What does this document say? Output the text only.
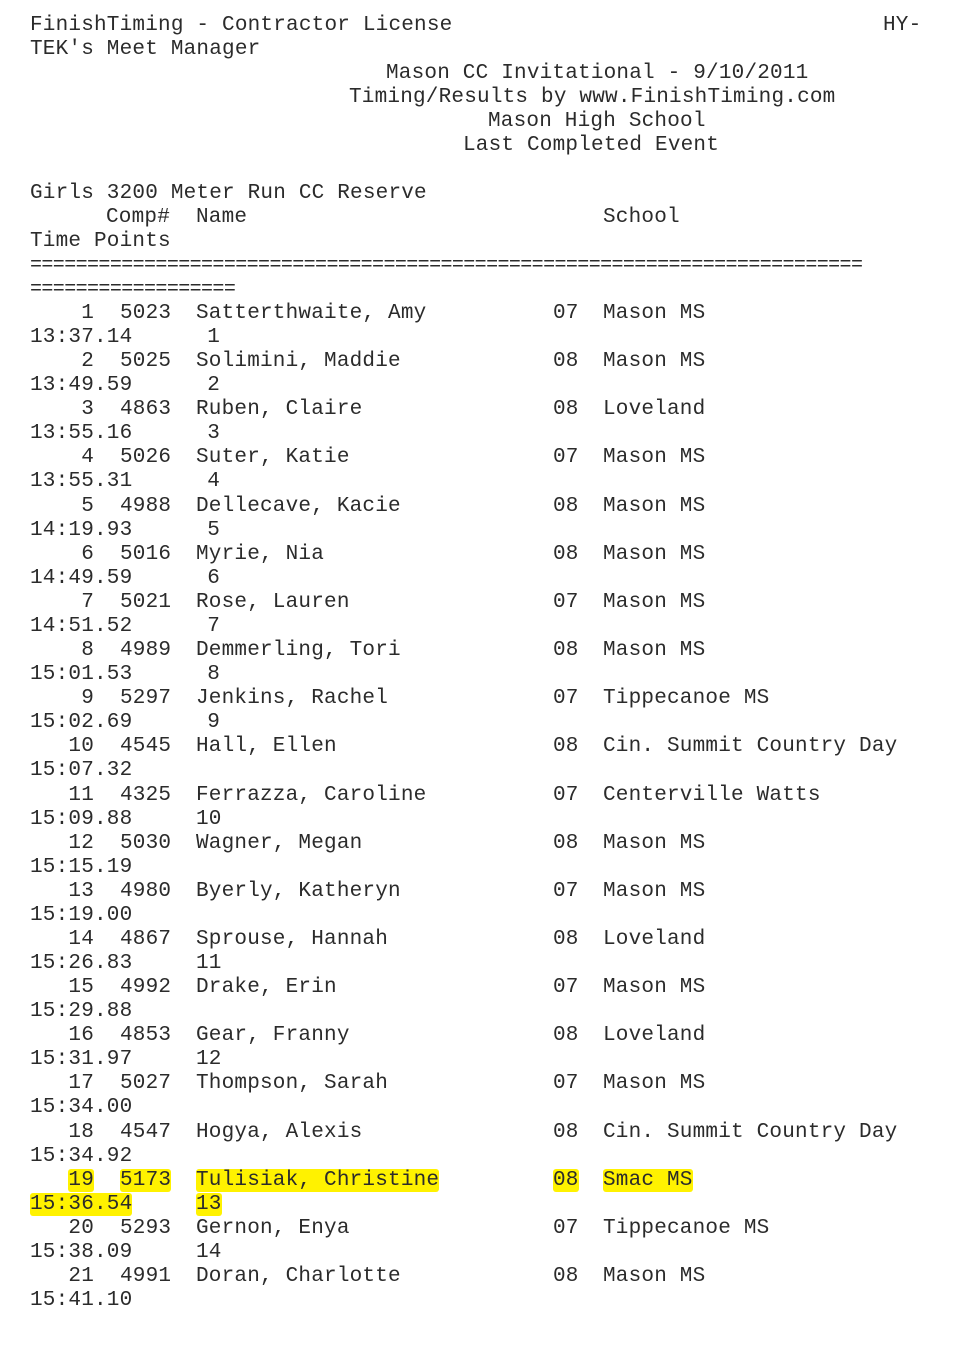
FinishTiming - Contractor License	HY-
TEK's Meet Manager
Mason CC Invitational - 9/10/2011
Timing/Results by www.FinishTiming.com
Mason High School
Last Completed Event
Girls 3200 Meter Run CC Reserve
Comp# Name	School
Time Points
=========================================================================
==================
1 5023 Satterthwaite, Amy	07 Mason MS
13:37.14	1
2 5025 Solimini, Maddie	08 Mason MS
13:49.59	2
3 4863 Ruben, Claire	08 Loveland
13:55.16	3
4 5026 Suter, Katie	07 Mason MS
13:55.31	4
5 4988 Dellecave, Kacie	08 Mason MS
14:19.93	5
6 5016 Myrie, Nia	08 Mason MS
14:49.59	6
7 5021 Rose, Lauren	07 Mason MS
14:51.52	7
8 4989 Demmerling, Tori	08 Mason MS
15:01.53	8
9 5297 Jenkins, Rachel	07 Tippecanoe MS
15:02.69	9
10 4545 Hall, Ellen	08 Cin. Summit Country Day
15:07.32
11 4325 Ferrazza, Caroline	07 Centerville Watts
15:09.88	10
12 5030 Wagner, Megan	08 Mason MS
15:15.19
13 4980 Byerly, Katheryn	07 Mason MS
15:19.00
14 4867 Sprouse, Hannah	08 Loveland
15:26.83	11
15 4992 Drake, Erin	07 Mason MS
15:29.88
16 4853 Gear, Franny	08 Loveland
15:31.97	12
17 5027 Thompson, Sarah	07 Mason MS
15:34.00
18 4547 Hogya, Alexis	08 Cin. Summit Country Day
15:34.92
19 5173 Tulisiak, Christine	08 Smac MS
15:36.54	13
20 5293 Gernon, Enya	07 Tippecanoe MS
15:38.09	14
21 4991 Doran, Charlotte	08 Mason MS
15:41.10
